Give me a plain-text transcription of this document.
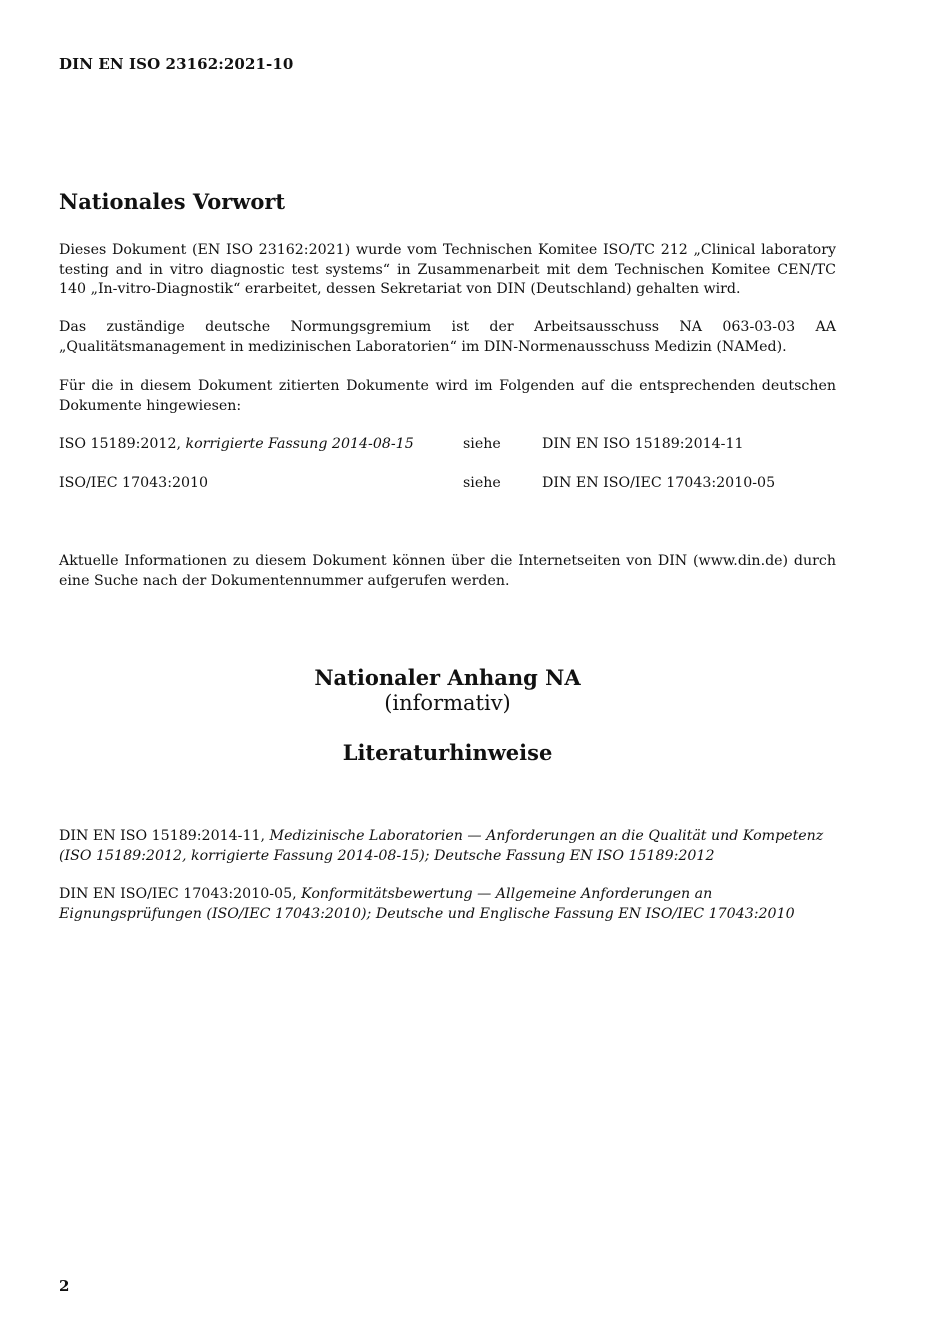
DIN EN ISO 23162:2021-10
Nationales Vorwort

Dieses Dokument (EN ISO 23162:2021) wurde vom Technischen Komitee ISO/TC 212 „Clinical laboratory testing and in vitro diagnostic test systems“ in Zusammenarbeit mit dem Technischen Komitee CEN/TC 140 „In-vitro-Diagnostik“ erarbeitet, dessen Sekretariat von DIN (Deutschland) gehalten wird.

Das zuständige deutsche Normungsgremium ist der Arbeitsausschuss NA 063-03-03 AA „Qualitätsmanagement in medizinischen Laboratorien“ im DIN-Normenausschuss Medizin (NAMed).

Für die in diesem Dokument zitierten Dokumente wird im Folgenden auf die entsprechenden deutschen Dokumente hingewiesen:

ISO 15189:2012, korrigierte Fassung 2014-08-15	siehe	DIN EN ISO 15189:2014-11
ISO/IEC 17043:2010	siehe	DIN EN ISO/IEC 17043:2010-05

Aktuelle Informationen zu diesem Dokument können über die Internetseiten von DIN (www.din.de) durch eine Suche nach der Dokumentennummer aufgerufen werden.

Nationaler Anhang NA
(informativ)
Literaturhinweise

DIN EN ISO 15189:2014-11, Medizinische Laboratorien — Anforderungen an die Qualität und Kompetenz (ISO 15189:2012, korrigierte Fassung 2014-08-15); Deutsche Fassung EN ISO 15189:2012

DIN EN ISO/IEC 17043:2010-05, Konformitätsbewertung — Allgemeine Anforderungen an Eignungsprüfungen (ISO/IEC 17043:2010); Deutsche und Englische Fassung EN ISO/IEC 17043:2010

2
